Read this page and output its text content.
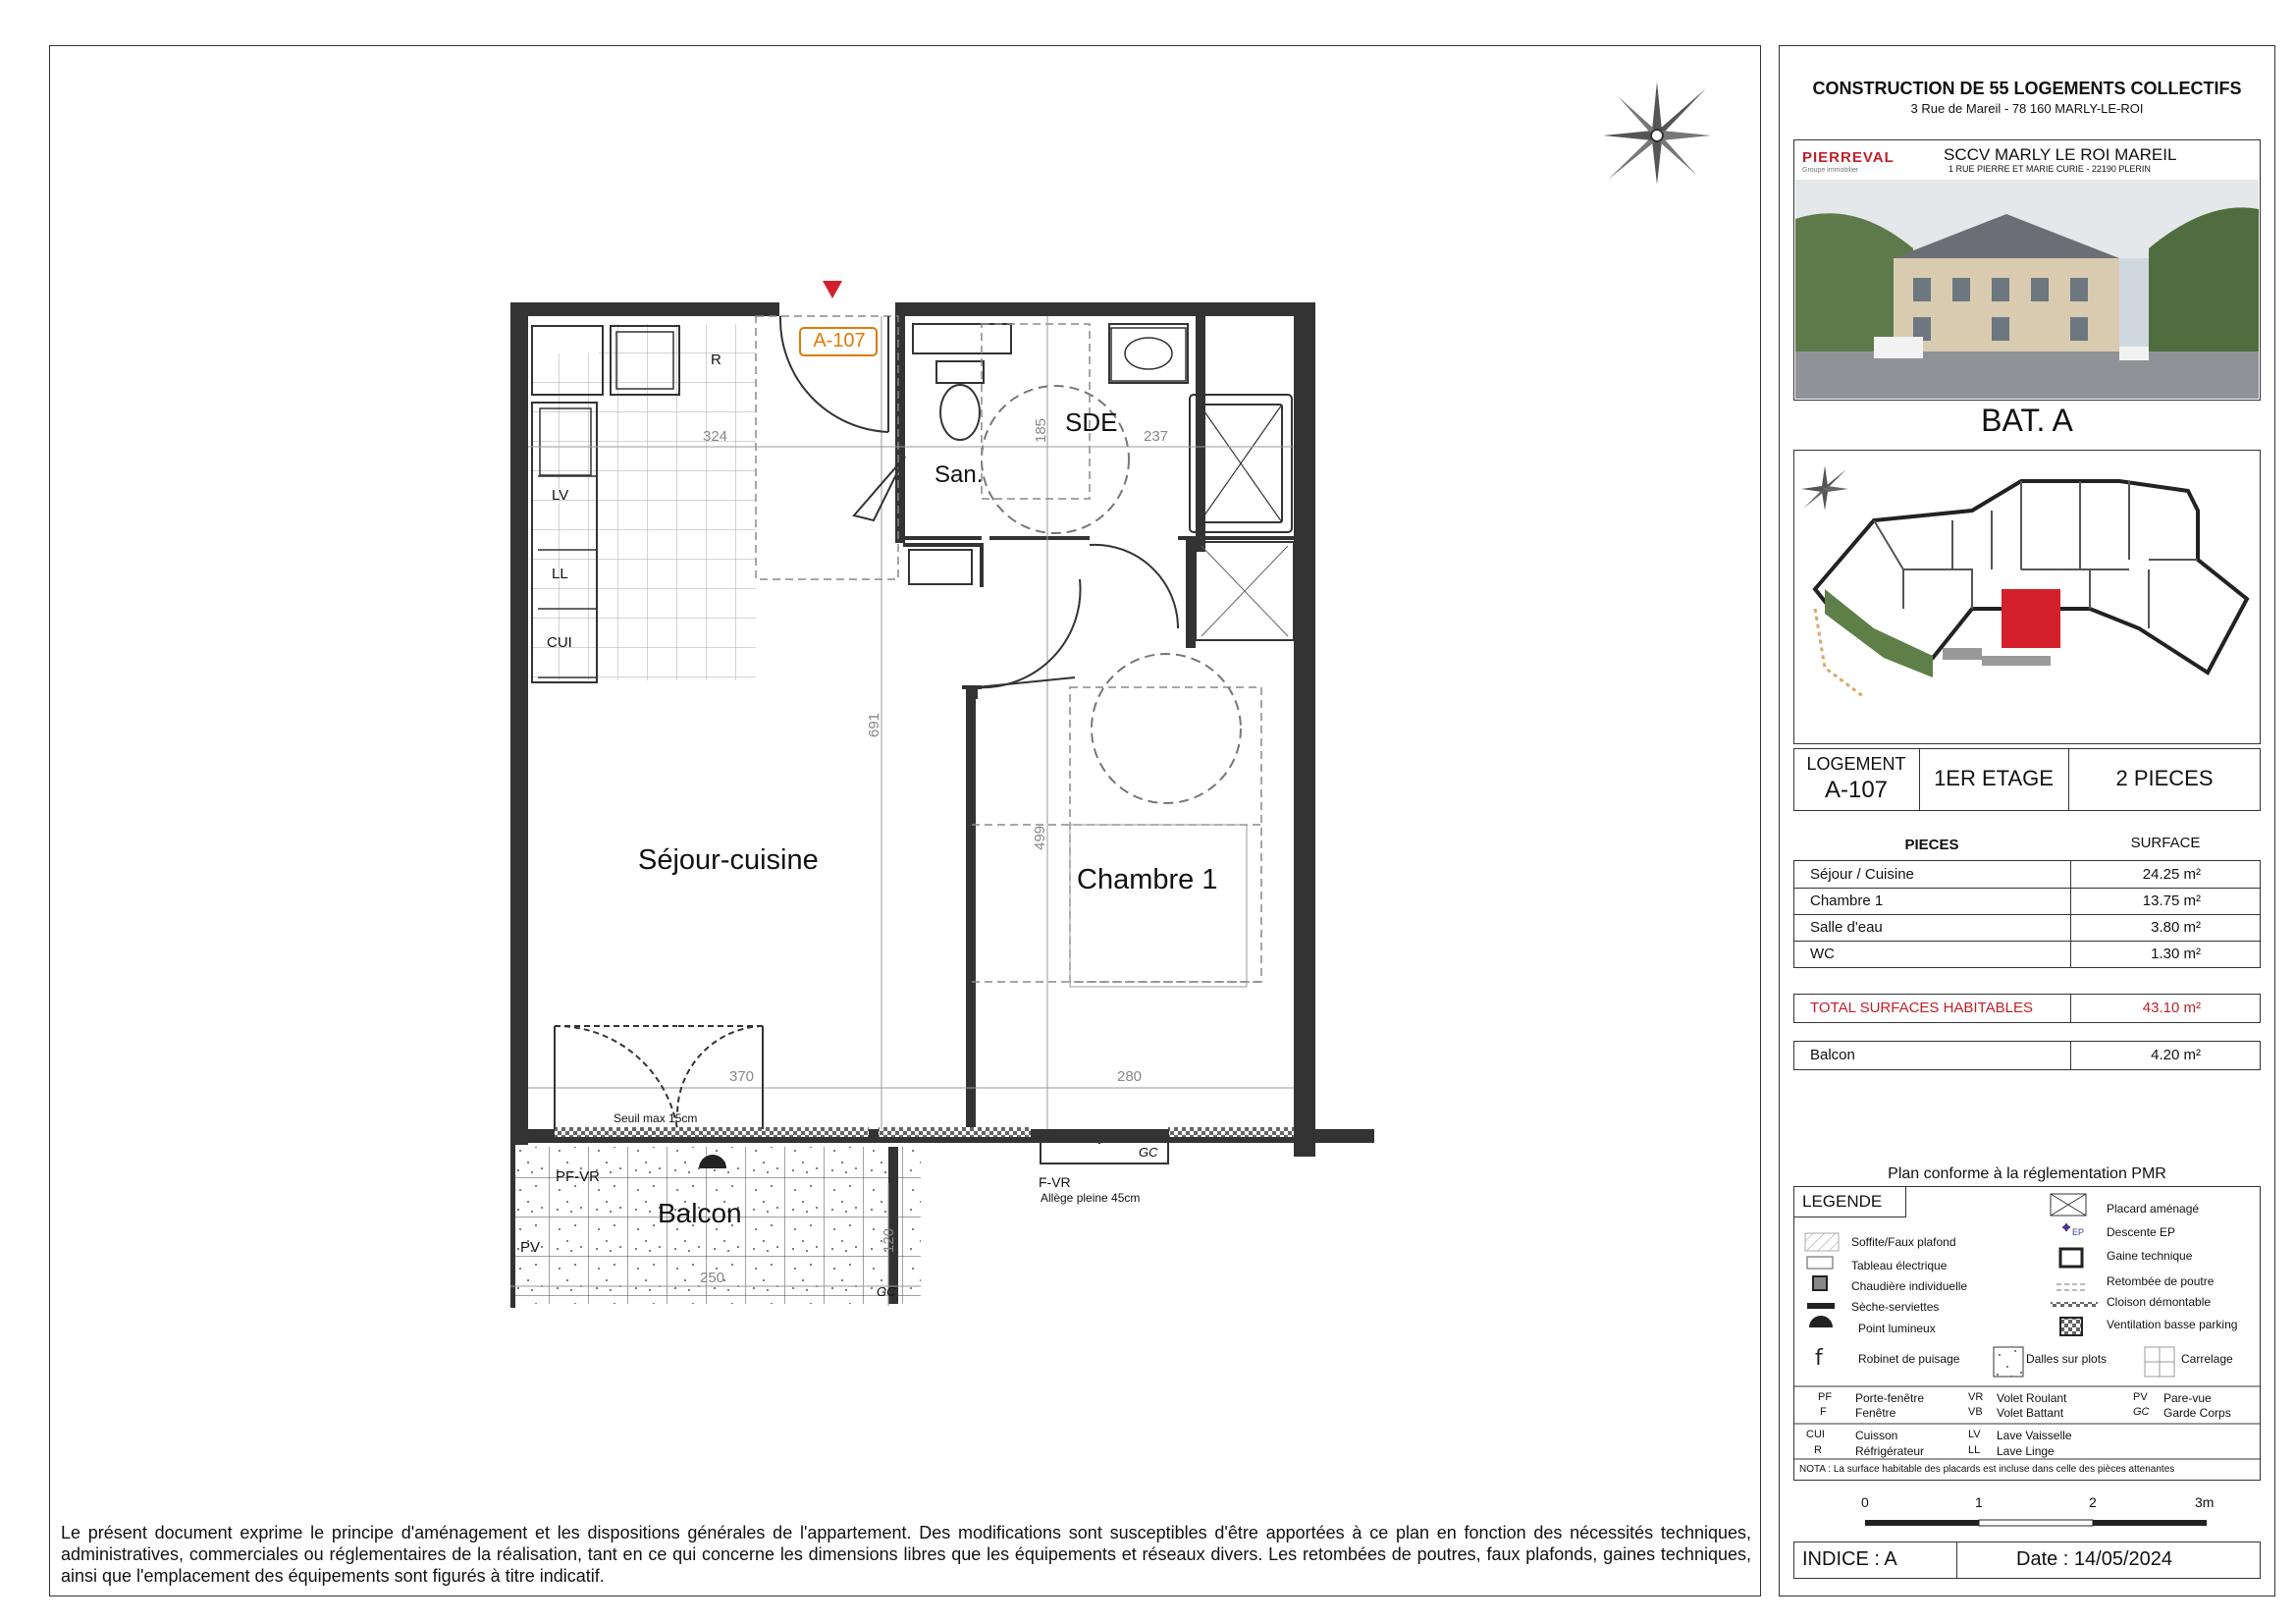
A-107
Séjour-cuisine
Chambre 1
SDE
San.
Balcon
324	237
185
691
499
370	280
120
250
Seuil max 15cm
F-VR
Allège pleine 45cm
PF-VR
PV
GC
GC
R
LV
LL
CUI
Le présent document exprime le principe d'aménagement et les dispositions générales de l'appartement. Des modifications sont susceptibles d'être apportées à ce plan en fonction des nécessités techniques, administratives, commerciales ou réglementaires de la réalisation, tant en ce qui concerne les dimensions libres que les équipements et réseaux divers. Les retombées de poutres, faux plafonds, gaines techniques, ainsi que l'emplacement des équipements sont figurés à titre indicatif.
CONSTRUCTION DE 55 LOGEMENTS COLLECTIFS
3 Rue de Mareil - 78 160 MARLY-LE-ROI
PIERREVAL
Groupe immobilier
SCCV MARLY LE ROI MAREIL
1 RUE PIERRE ET MARIE CURIE - 22190 PLERIN
BAT. A
LOGEMENT
A-107	1ER ETAGE	2 PIECES
PIECES	SURFACE
Séjour / Cuisine	24.25 m²
Chambre 1	13.75 m²
Salle d'eau	3.80 m²
WC	1.30 m²
TOTAL SURFACES HABITABLES	43.10 m²
Balcon	4.20 m²
Plan conforme à la réglementation PMR
LEGENDE
f
Soffite/Faux plafond
Tableau électrique
Chaudière individuelle
Sèche-serviettes
Point lumineux
Robinet de puisage
Placard aménagé
Descente EP
Gaine technique
Retombée de poutre
Cloison démontable
Ventilation basse parking
EP
Dalles sur plots	Carrelage
PF Porte-fenêtre
F Fenêtre
VR Volet Roulant
VB Volet Battant
PV Pare-vue
GC Garde Corps
CUI	Cuisson
R	Réfrigérateur
LV Lave Vaisselle
LL Lave Linge
NOTA : La surface habitable des placards est incluse dans celle des pièces attenantes
0	1	2	3m
INDICE : A	Date : 14/05/2024
